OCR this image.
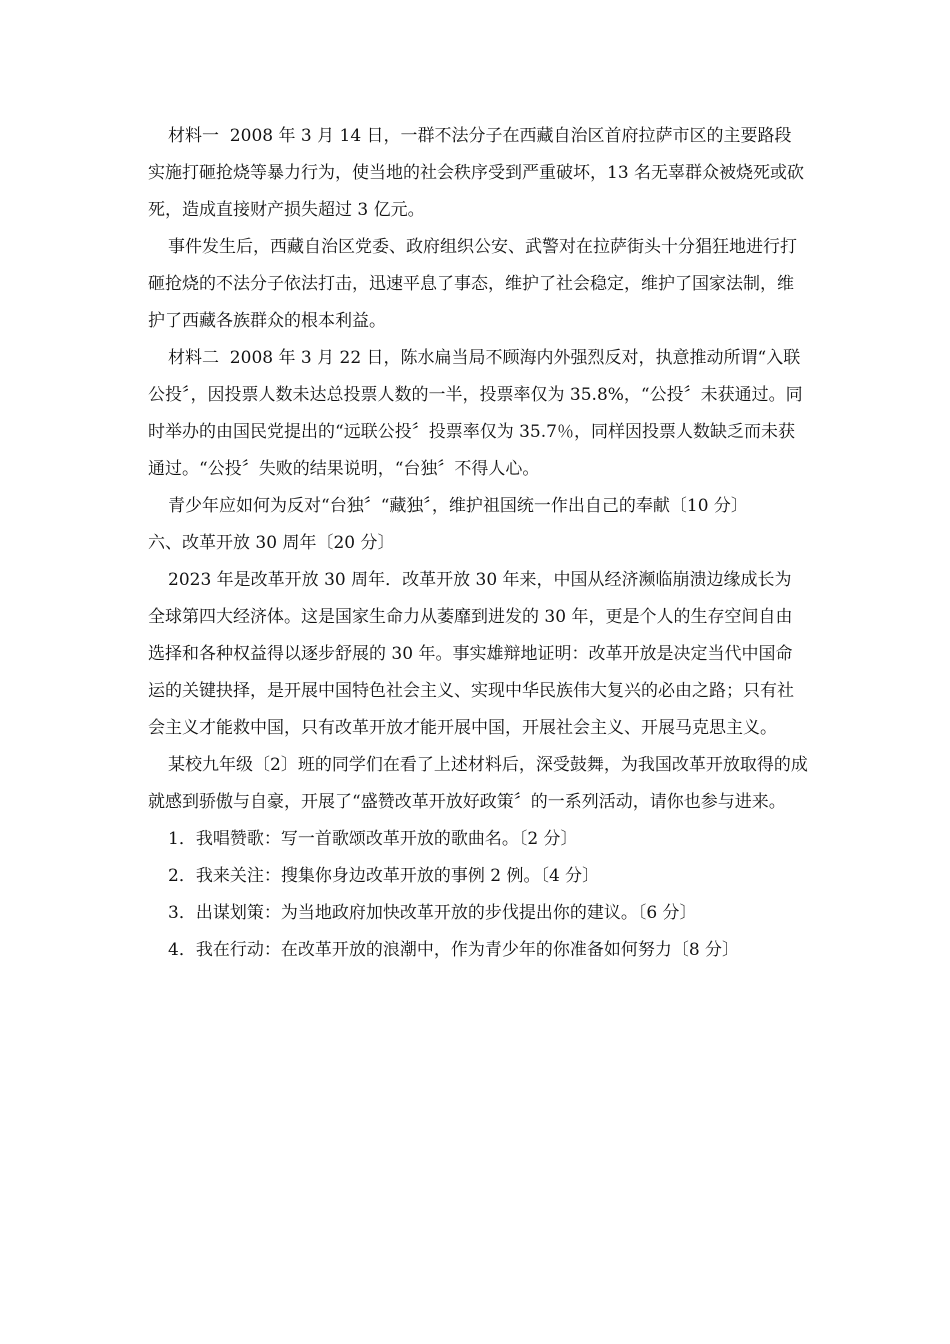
材料一  2008 年 3 月 14 日，一群不法分子在西藏自治区首府拉萨市区的主要路段实施打砸抢烧等暴力行为，使当地的社会秩序受到严重破坏，13 名无辜群众被烧死或砍死，造成直接财产损失超过 3 亿元。

事件发生后，西藏自治区党委、政府组织公安、武警对在拉萨街头十分猖狂地进行打砸抢烧的不法分子依法打击，迅速平息了事态，维护了社会稳定，维护了国家法制，维护了西藏各族群众的根本利益。

材料二  2008 年 3 月 22 日，陈水扁当局不顾海内外强烈反对，执意推动所谓“入联公投〞，因投票人数未达总投票人数的一半，投票率仅为 35.8%，“公投〞未获通过。同时举办的由国民党提出的“远联公投〞投票率仅为 35.7％，同样因投票人数缺乏而未获通过。“公投〞失败的结果说明，“台独〞不得人心。

青少年应如何为反对“台独〞“藏独〞，维护祖国统一作出自己的奉献〔10 分〕

六、改革开放 30 周年〔20 分〕

2023 年是改革开放 30 周年．改革开放 30 年来，中国从经济濒临崩溃边缘成长为全球第四大经济体。这是国家生命力从萎靡到进发的 30 年，更是个人的生存空间自由选择和各种权益得以逐步舒展的 30 年。事实雄辩地证明：改革开放是决定当代中国命运的关键抉择，是开展中国特色社会主义、实现中华民族伟大复兴的必由之路；只有社会主义才能救中国，只有改革开放才能开展中国，开展社会主义、开展马克思主义。

某校九年级〔2〕班的同学们在看了上述材料后，深受鼓舞，为我国改革开放取得的成就感到骄傲与自豪，开展了“盛赞改革开放好政策〞的一系列活动，请你也参与进来。

1．我唱赞歌：写一首歌颂改革开放的歌曲名。〔2 分〕

2．我来关注：搜集你身边改革开放的事例 2 例。〔4 分〕

3．出谋划策：为当地政府加快改革开放的步伐提出你的建议。〔6 分〕

4．我在行动：在改革开放的浪潮中，作为青少年的你准备如何努力〔8 分〕
